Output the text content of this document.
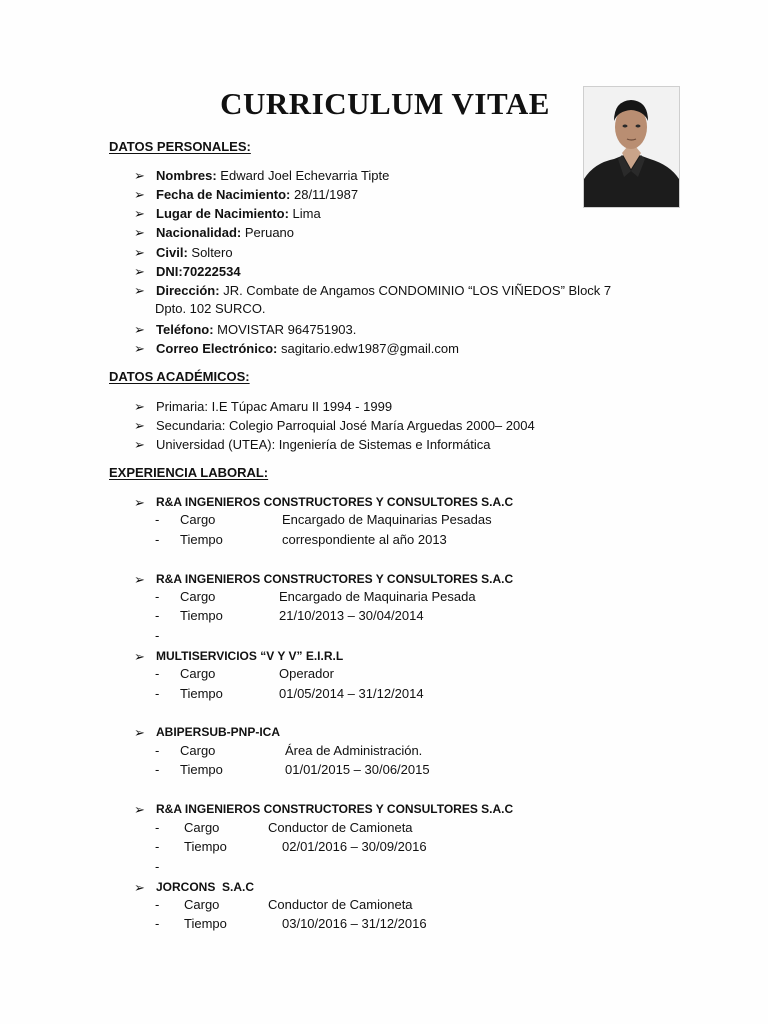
CURRICULUM VITAE
DATOS PERSONALES:
➢ Nombres: Edward Joel Echevarria Tipte
➢ Fecha de Nacimiento: 28/11/1987
➢ Lugar de Nacimiento: Lima
➢ Nacionalidad: Peruano
➢ Civil: Soltero
➢ DNI:70222534
➢ Dirección: JR. Combate de Angamos CONDOMINIO “LOS VIÑEDOS” Block 7
Dpto. 102 SURCO.
➢ Teléfono: MOVISTAR 964751903.
➢ Correo Electrónico: sagitario.edw1987@gmail.com
DATOS ACADÉMICOS:
➢ Primaria: I.E Túpac Amaru II 1994 - 1999
➢ Secundaria: Colegio Parroquial José María Arguedas 2000– 2004
➢ Universidad (UTEA): Ingeniería de Sistemas e Informática
EXPERIENCIA LABORAL:
➢ R&A INGENIEROS CONSTRUCTORES Y CONSULTORES S.A.C
- Cargo	Encargado de Maquinarias Pesadas
- Tiempo	correspondiente al año 2013
➢ R&A INGENIEROS CONSTRUCTORES Y CONSULTORES S.A.C
- Cargo	Encargado de Maquinaria Pesada
- Tiempo	21/10/2013 – 30/04/2014
-
➢ MULTISERVICIOS “V Y V” E.I.R.L
- Cargo	Operador
- Tiempo	01/05/2014 – 31/12/2014
➢ ABIPERSUB-PNP-ICA
- Cargo	Área de Administración.
- Tiempo	01/01/2015 – 30/06/2015
➢ R&A INGENIEROS CONSTRUCTORES Y CONSULTORES S.A.C
- Cargo	Conductor de Camioneta
- Tiempo	02/01/2016 – 30/09/2016
-
➢ JORCONS  S.A.C
- Cargo	Conductor de Camioneta
- Tiempo	03/10/2016 – 31/12/2016
